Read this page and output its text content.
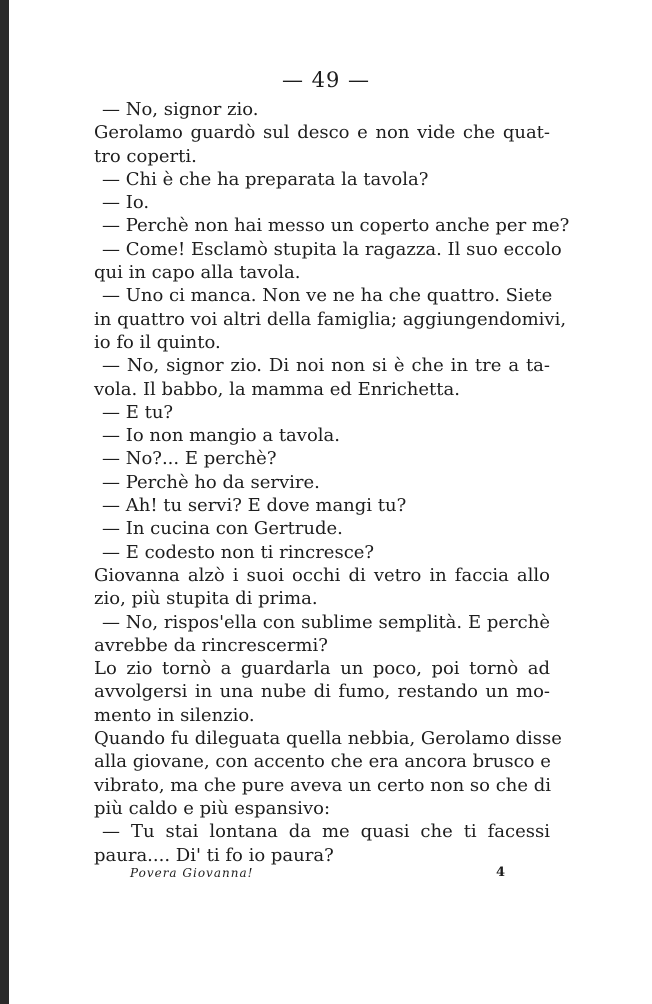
— 49 —
— No, signor zio.
Gerolamo guardò sul desco e non vide che quat-
tro coperti.
— Chi è che ha preparata la tavola?
— Io.
— Perchè non hai messo un coperto anche per me?
— Come! Esclamò stupita la ragazza. Il suo eccolo
qui in capo alla tavola.
— Uno ci manca. Non ve ne ha che quattro. Siete
in quattro voi altri della famiglia; aggiungendomivi,
io fo il quinto.
— No, signor zio. Di noi non si è che in tre a ta-
vola. Il babbo, la mamma ed Enrichetta.
— E tu?
— Io non mangio a tavola.
— No?... E perchè?
— Perchè ho da servire.
— Ah! tu servi? E dove mangi tu?
— In cucina con Gertrude.
— E codesto non ti rincresce?
Giovanna alzò i suoi occhi di vetro in faccia allo
zio, più stupita di prima.
— No, rispos'ella con sublime semplità. E perchè
avrebbe da rincrescermi?
Lo zio tornò a guardarla un poco, poi tornò ad
avvolgersi in una nube di fumo, restando un mo-
mento in silenzio.
Quando fu dileguata quella nebbia, Gerolamo disse
alla giovane, con accento che era ancora brusco e
vibrato, ma che pure aveva un certo non so che di
più caldo e più espansivo:
— Tu stai lontana da me quasi che ti facessi
paura.... Di' ti fo io paura?
Povera Giovanna!	4
